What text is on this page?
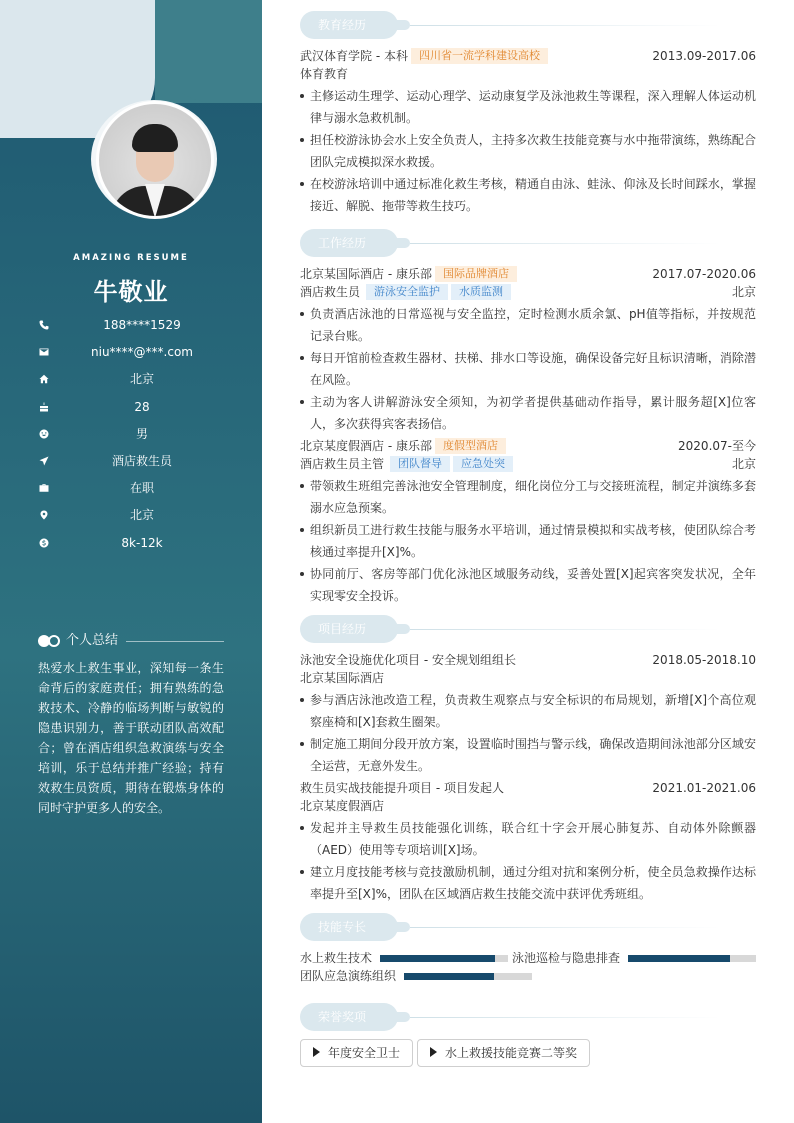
AMAZING RESUME
牛敬业
188****1529
niu****@***.com
北京
28
男
酒店救生员
在职
北京
8k-12k
个人总结
热爱水上救生事业，深知每一条生命背后的家庭责任；拥有熟练的急救技术、冷静的临场判断与敏锐的隐患识别力，善于联动团队高效配合；曾在酒店组织急救演练与安全培训，乐于总结并推广经验；持有效救生员资质，期待在锻炼身体的同时守护更多人的安全。
教育经历
武汉体育学院 - 本科 四川省一流学科建设高校	2013.09-2017.06
体育教育
主修运动生理学、运动心理学、运动康复学及泳池救生等课程，深入理解人体运动机律与溺水急救机制。
担任校游泳协会水上安全负责人，主持多次救生技能竞赛与水中拖带演练，熟练配合团队完成模拟深水救援。
在校游泳培训中通过标准化救生考核，精通自由泳、蛙泳、仰泳及长时间踩水，掌握接近、解脱、拖带等救生技巧。
工作经历
北京某国际酒店 - 康乐部 国际品牌酒店	2017.07-2020.06
酒店救生员 游泳安全监护 水质监测	北京
负责酒店泳池的日常巡视与安全监控，定时检测水质余氯、pH值等指标，并按规范记录台账。
每日开馆前检查救生器材、扶梯、排水口等设施，确保设备完好且标识清晰，消除潜在风险。
主动为客人讲解游泳安全须知，为初学者提供基础动作指导，累计服务超[X]位客人，多次获得宾客表扬信。
北京某度假酒店 - 康乐部 度假型酒店	2020.07-至今
酒店救生员主管 团队督导 应急处突	北京
带领救生班组完善泳池安全管理制度，细化岗位分工与交接班流程，制定并演练多套溺水应急预案。
组织新员工进行救生技能与服务水平培训，通过情景模拟和实战考核，使团队综合考核通过率提升[X]%。
协同前厅、客房等部门优化泳池区域服务动线，妥善处置[X]起宾客突发状况，全年实现零安全投诉。
项目经历
泳池安全设施优化项目 - 安全规划组组长	2018.05-2018.10
北京某国际酒店
参与酒店泳池改造工程，负责救生观察点与安全标识的布局规划，新增[X]个高位观察座椅和[X]套救生圈架。
制定施工期间分段开放方案，设置临时围挡与警示线，确保改造期间泳池部分区域安全运营，无意外发生。
救生员实战技能提升项目 - 项目发起人	2021.01-2021.06
北京某度假酒店
发起并主导救生员技能强化训练，联合红十字会开展心肺复苏、自动体外除颤器（AED）使用等专项培训[X]场。
建立月度技能考核与竞技激励机制，通过分组对抗和案例分析，使全员急救操作达标率提升至[X]%，团队在区域酒店救生技能交流中获评优秀班组。
技能专长
水上救生技术	泳池巡检与隐患排查
团队应急演练组织
荣誉奖项
年度安全卫士	水上救援技能竞赛二等奖
